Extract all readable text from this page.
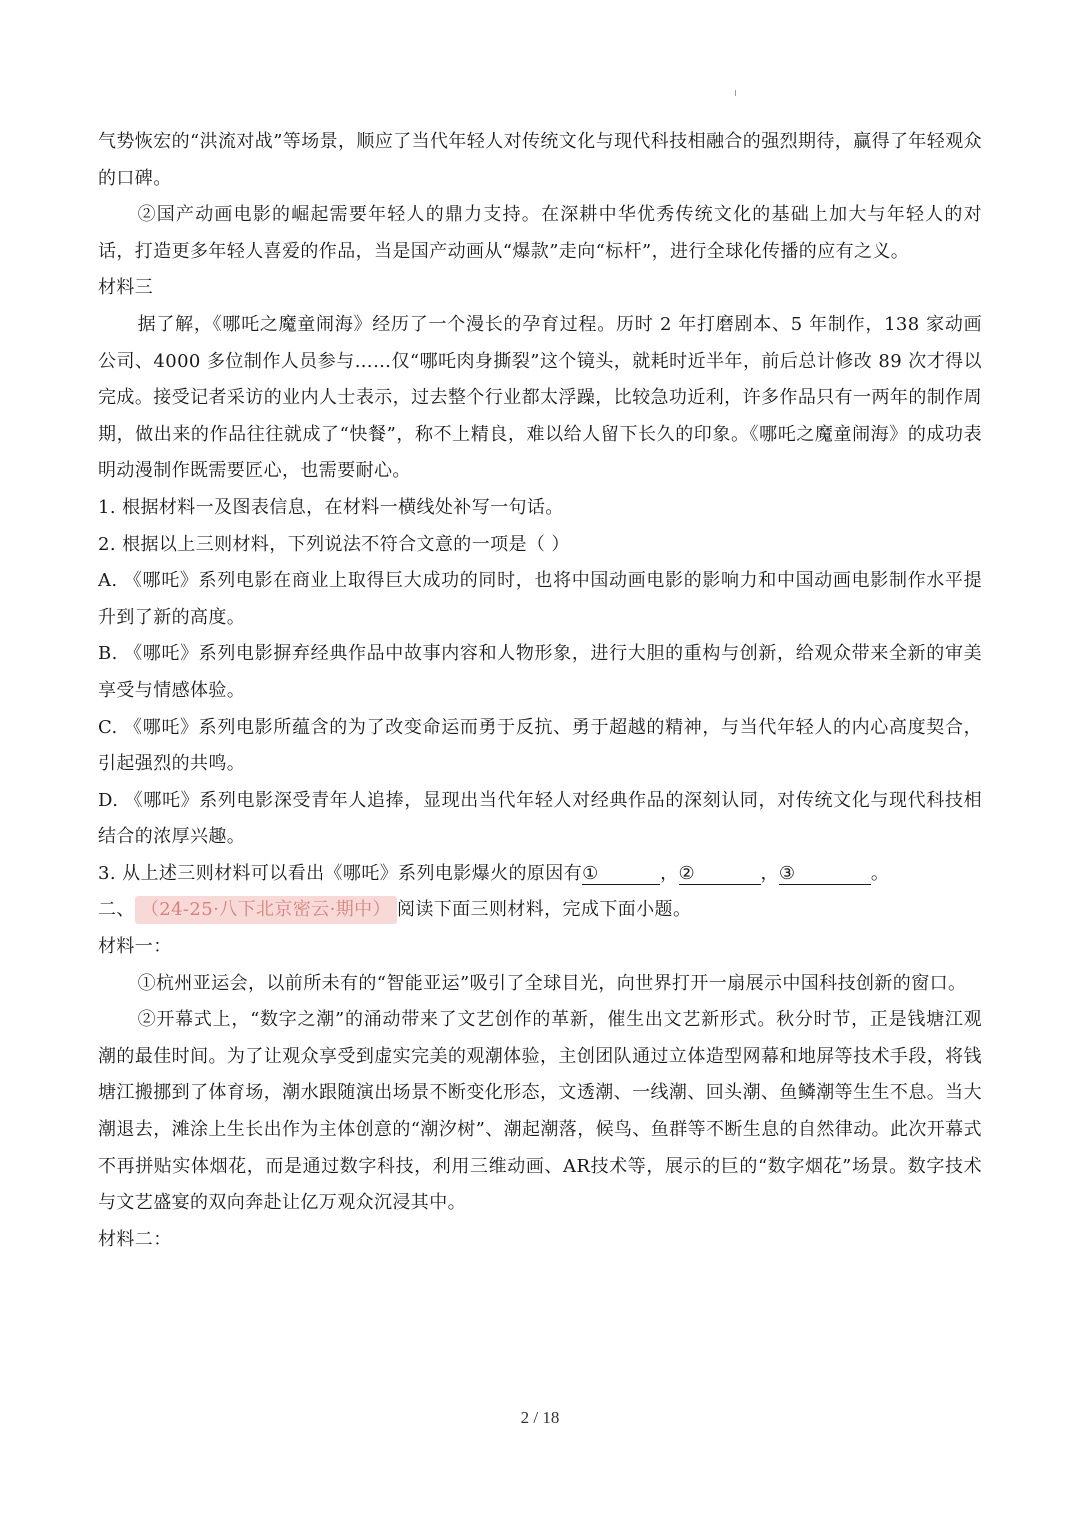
气势恢宏的“洪流对战”等场景，顺应了当代年轻人对传统文化与现代科技相融合的强烈期待，赢得了年轻观众的口碑。

②国产动画电影的崛起需要年轻人的鼎力支持。在深耕中华优秀传统文化的基础上加大与年轻人的对话，打造更多年轻人喜爱的作品，当是国产动画从“爆款”走向“标杆”，进行全球化传播的应有之义。

材料三

据了解，《哪吒之魔童闹海》经历了一个漫长的孕育过程。历时 2 年打磨剧本、5 年制作，138 家动画公司、4000 多位制作人员参与……仅“哪吒肉身撕裂”这个镜头，就耗时近半年，前后总计修改 89 次才得以完成。接受记者采访的业内人士表示，过去整个行业都太浮躁，比较急功近利，许多作品只有一两年的制作周期，做出来的作品往往就成了“快餐”，称不上精良，难以给人留下长久的印象。《哪吒之魔童闹海》的成功表明动漫制作既需要匠心，也需要耐心。

1. 根据材料一及图表信息，在材料一横线处补写一句话。

2. 根据以上三则材料，下列说法不符合文意的一项是（ ）

A. 《哪吒》系列电影在商业上取得巨大成功的同时，也将中国动画电影的影响力和中国动画电影制作水平提升到了新的高度。

B. 《哪吒》系列电影摒弃经典作品中故事内容和人物形象，进行大胆的重构与创新，给观众带来全新的审美享受与情感体验。

C. 《哪吒》系列电影所蕴含的为了改变命运而勇于反抗、勇于超越的精神，与当代年轻人的内心高度契合，引起强烈的共鸣。

D. 《哪吒》系列电影深受青年人追捧，显现出当代年轻人对经典作品的深刻认同，对传统文化与现代科技相结合的浓厚兴趣。

3. 从上述三则材料可以看出《哪吒》系列电影爆火的原因有①	，②	，③	。

二、 （24-25·八下北京密云·期中） 阅读下面三则材料，完成下面小题。

材料一：

①杭州亚运会，以前所未有的“智能亚运”吸引了全球目光，向世界打开一扇展示中国科技创新的窗口。

②开幕式上，“数字之潮”的涌动带来了文艺创作的革新，催生出文艺新形式。秋分时节，正是钱塘江观潮的最佳时间。为了让观众享受到虚实完美的观潮体验，主创团队通过立体造型网幕和地屏等技术手段，将钱塘江搬挪到了体育场，潮水跟随演出场景不断变化形态，文透潮、一线潮、回头潮、鱼鳞潮等生生不息。当大潮退去，滩涂上生长出作为主体创意的“潮汐树”、潮起潮落，候鸟、鱼群等不断生息的自然律动。此次开幕式不再拼贴实体烟花，而是通过数字科技，利用三维动画、AR技术等，展示的巨的“数字烟花”场景。数字技术与文艺盛宴的双向奔赴让亿万观众沉浸其中。

材料二：

2 / 18
